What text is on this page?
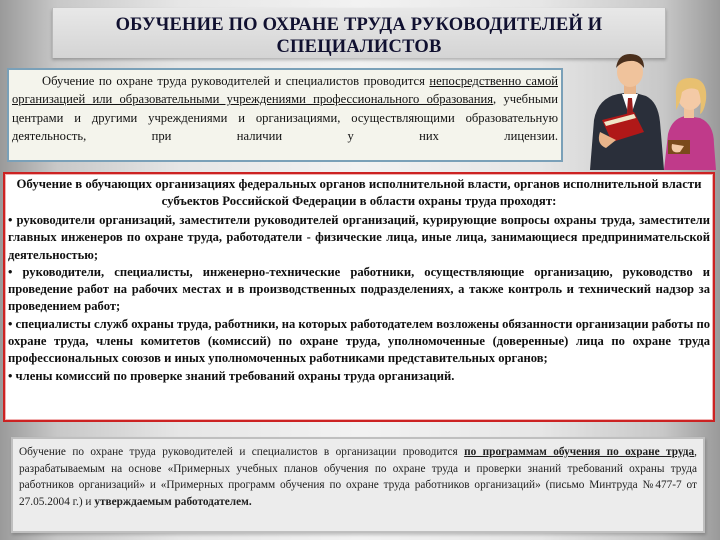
ОБУЧЕНИЕ ПО ОХРАНЕ ТРУДА РУКОВОДИТЕЛЕЙ И
СПЕЦИАЛИСТОВ
Обучение по охране труда руководителей и специалистов проводится непосредственно самой организацией или образовательными учреждениями профессионального образования, учебными центрами и другими учреждениями и организациями, осуществляющими образовательную деятельность, при наличии у них лицензии.
Обучение в обучающих организациях федеральных органов исполнительной власти, органов исполнительной власти субъектов Российской Федерации в области охраны труда проходят:

• руководители организаций, заместители руководителей организаций, курирующие вопросы охраны труда, заместители главных инженеров по охране труда, работодатели - физические лица, иные лица, занимающиеся предпринимательской деятельностью;

• руководители, специалисты, инженерно-технические работники, осуществляющие организацию, руководство и проведение работ на рабочих местах и в производственных подразделениях, а также контроль и технический надзор за проведением работ;

• специалисты служб охраны труда, работники, на которых работодателем возложены обязанности организации работы по охране труда, члены комитетов (комиссий) по охране труда, уполномоченные (доверенные) лица по охране труда профессиональных союзов и иных уполномоченных работниками представительных органов;

• члены комиссий по проверке знаний требований охраны труда организаций.

Обучение по охране труда руководителей и специалистов в организации проводится по программам обучения по охране труда, разрабатываемым на основе «Примерных учебных планов обучения по охране труда и проверки знаний требований охраны труда работников организаций» и «Примерных программ обучения по охране труда работников организаций» (письмо Минтруда №477-7 от 27.05.2004 г.) и утверждаемым работодателем.
